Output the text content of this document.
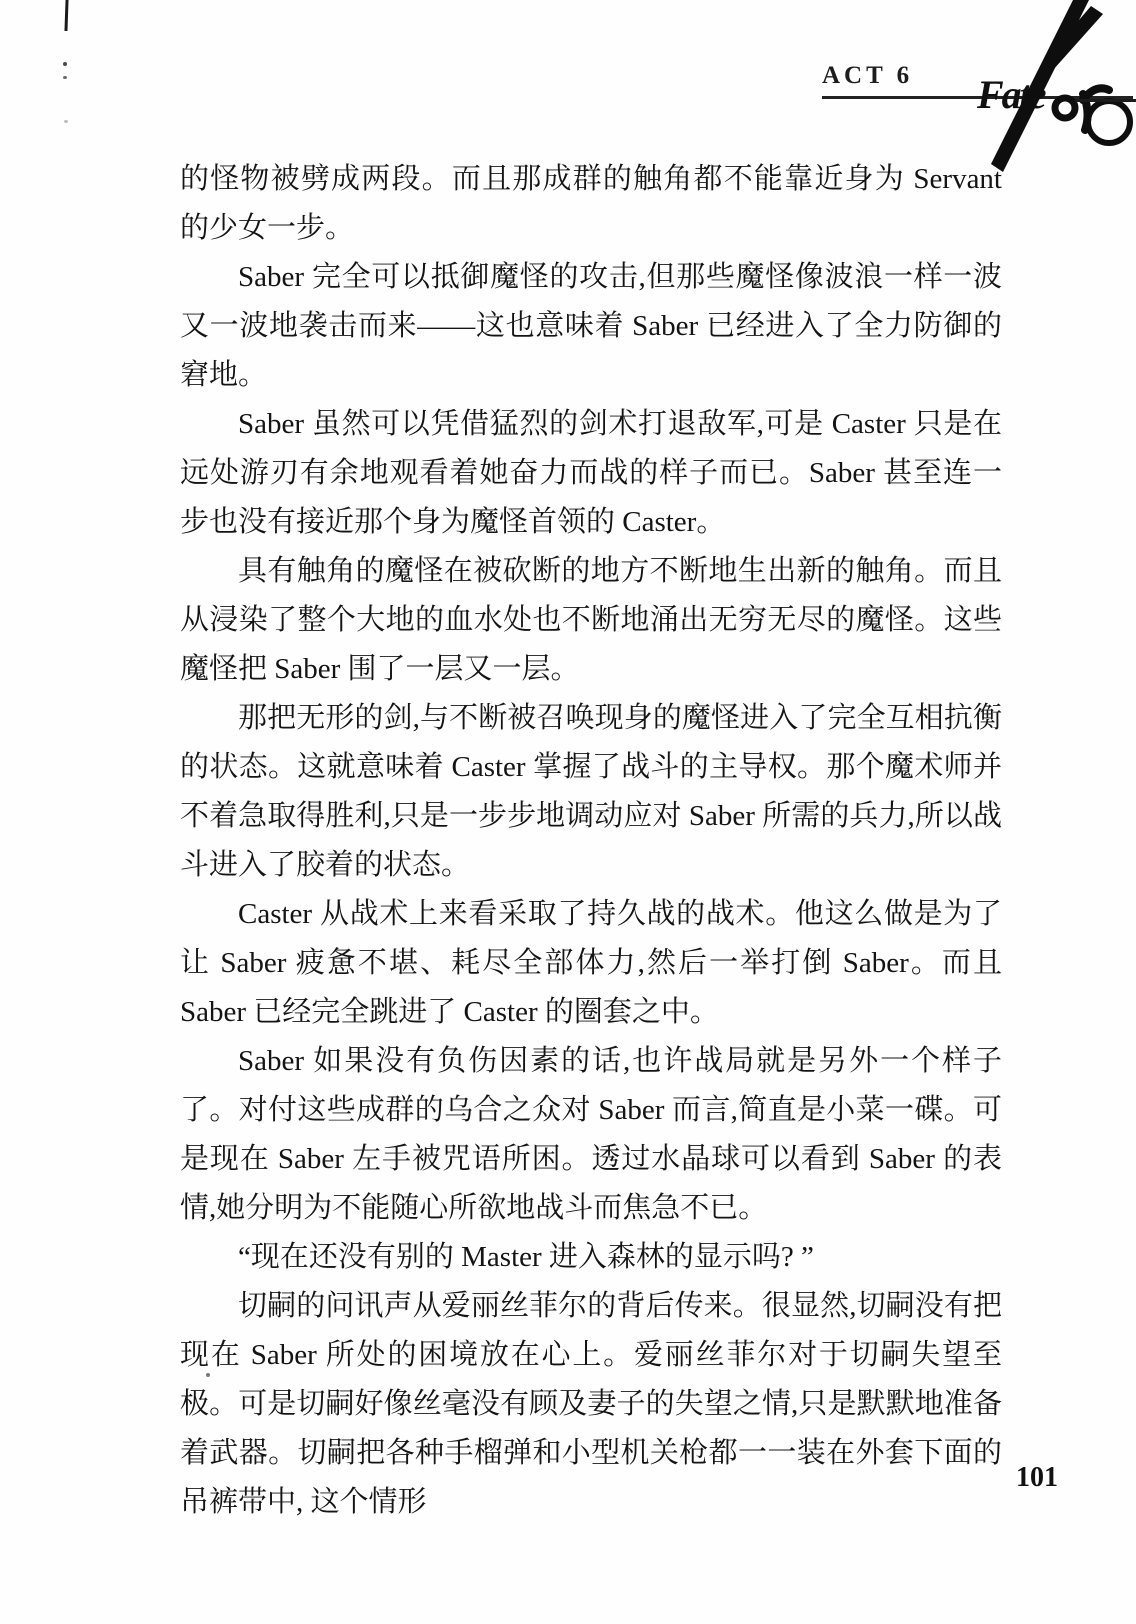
ACT 6 Fate

的怪物被劈成两段。而且那成群的触角都不能靠近身为 Servant 的少女一步。

Saber 完全可以抵御魔怪的攻击,但那些魔怪像波浪一样一波又一波地袭击而来——这也意味着 Saber 已经进入了全力防御的窘地。

Saber 虽然可以凭借猛烈的剑术打退敌军,可是 Caster 只是在远处游刃有余地观看着她奋力而战的样子而已。Saber 甚至连一步也没有接近那个身为魔怪首领的 Caster。

具有触角的魔怪在被砍断的地方不断地生出新的触角。而且从浸染了整个大地的血水处也不断地涌出无穷无尽的魔怪。这些魔怪把 Saber 围了一层又一层。

那把无形的剑,与不断被召唤现身的魔怪进入了完全互相抗衡的状态。这就意味着 Caster 掌握了战斗的主导权。那个魔术师并不着急取得胜利,只是一步步地调动应对 Saber 所需的兵力,所以战斗进入了胶着的状态。

Caster 从战术上来看采取了持久战的战术。他这么做是为了让 Saber 疲惫不堪、耗尽全部体力,然后一举打倒 Saber。而且 Saber 已经完全跳进了 Caster 的圈套之中。

Saber 如果没有负伤因素的话,也许战局就是另外一个样子了。对付这些成群的乌合之众对 Saber 而言,简直是小菜一碟。可是现在 Saber 左手被咒语所困。透过水晶球可以看到 Saber 的表情,她分明为不能随心所欲地战斗而焦急不已。

“现在还没有别的 Master 进入森林的显示吗? ”

切嗣的问讯声从爱丽丝菲尔的背后传来。很显然,切嗣没有把现在 Saber 所处的困境放在心上。爱丽丝菲尔对于切嗣失望至极。可是切嗣好像丝毫没有顾及妻子的失望之情,只是默默地准备着武器。切嗣把各种手榴弹和小型机关枪都一一装在外套下面的吊裤带中, 这个情形

101
